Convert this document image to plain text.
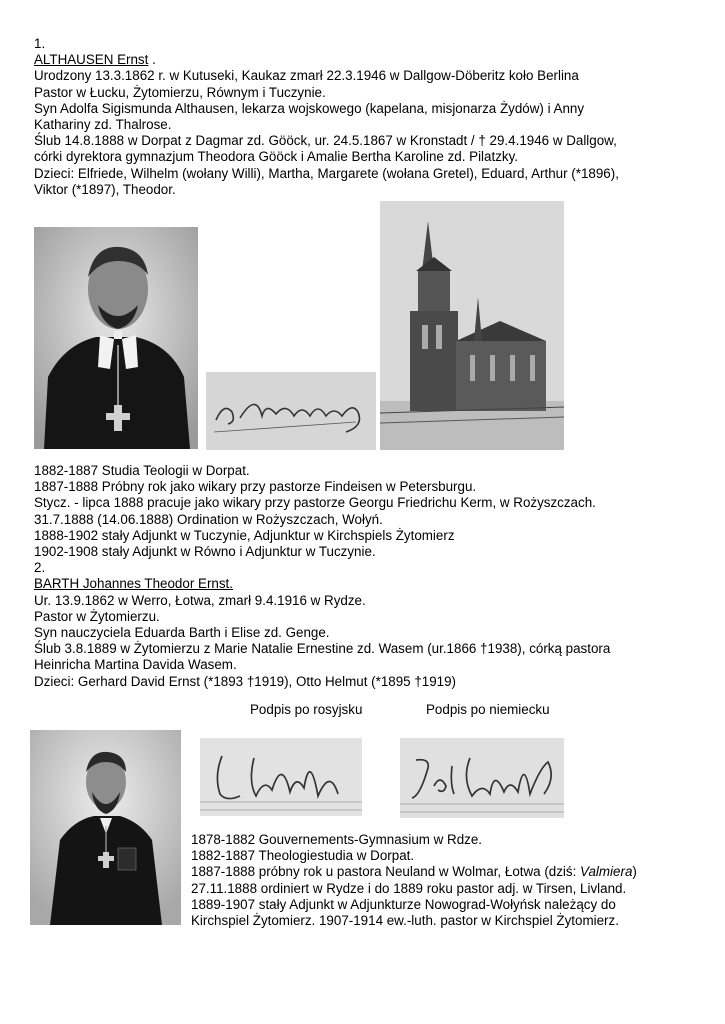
1.
ALTHAUSEN Ernst .
Urodzony 13.3.1862 r. w Kutuseki, Kaukaz zmarł 22.3.1946 w Dallgow-Döberitz koło Berlina
Pastor w Łucku, Żytomierzu, Równym i Tuczynie.
Syn Adolfa Sigismunda Althausen, lekarza wojskowego (kapelana, misjonarza Żydów) i Anny
Kathariny zd. Thalrose.
Ślub 14.8.1888 w Dorpat z Dagmar zd. Gööck, ur. 24.5.1867 w Kronstadt / † 29.4.1946 w Dallgow,
córki dyrektora gymnazjum Theodora Gööck i Amalie Bertha Karoline zd. Pilatzky.
Dzieci: Elfriede, Wilhelm (wołany Willi), Martha, Margarete (wołana Gretel), Eduard, Arthur (*1896),
Viktor (*1897), Theodor.
1882-1887 Studia Teologii w Dorpat.
1887-1888 Próbny rok jako wikary przy pastorze Findeisen w Petersburgu.
Stycz. - lipca 1888 pracuje jako wikary przy pastorze Georgu Friedrichu Kerm, w Rożyszczach.
31.7.1888 (14.06.1888) Ordination w Rożyszczach, Wołyń.
1888-1902 stały Adjunkt w Tuczynie, Adjunktur w Kirchspiels Żytomierz
1902-1908 stały Adjunkt w Równo i Adjunktur w Tuczynie.
2.
BARTH Johannes Theodor Ernst.
Ur. 13.9.1862 w Werro, Łotwa, zmarł 9.4.1916 w Rydze.
Pastor w Żytomierzu.
Syn nauczyciela Eduarda Barth i Elise zd. Genge.
Ślub 3.8.1889 w Żytomierzu z Marie Natalie Ernestine zd. Wasem (ur.1866 †1938), córką pastora
Heinricha Martina Davida Wasem.
Dzieci: Gerhard David Ernst (*1893 †1919), Otto Helmut (*1895 †1919)
Podpis po rosyjsku	Podpis po niemiecku
1878-1882 Gouvernements-Gymnasium w Rdze.
1882-1887 Theologiestudia w Dorpat.
1887-1888 próbny rok u pastora Neuland w Wolmar, Łotwa (dziś: Valmiera)
27.11.1888 ordiniert w Rydze i do 1889 roku pastor adj. w Tirsen, Livland.
1889-1907 stały Adjunkt w Adjunkturze Nowograd-Wołyńsk należący do
Kirchspiel Żytomierz. 1907-1914 ew.-luth. pastor w Kirchspiel Żytomierz.
